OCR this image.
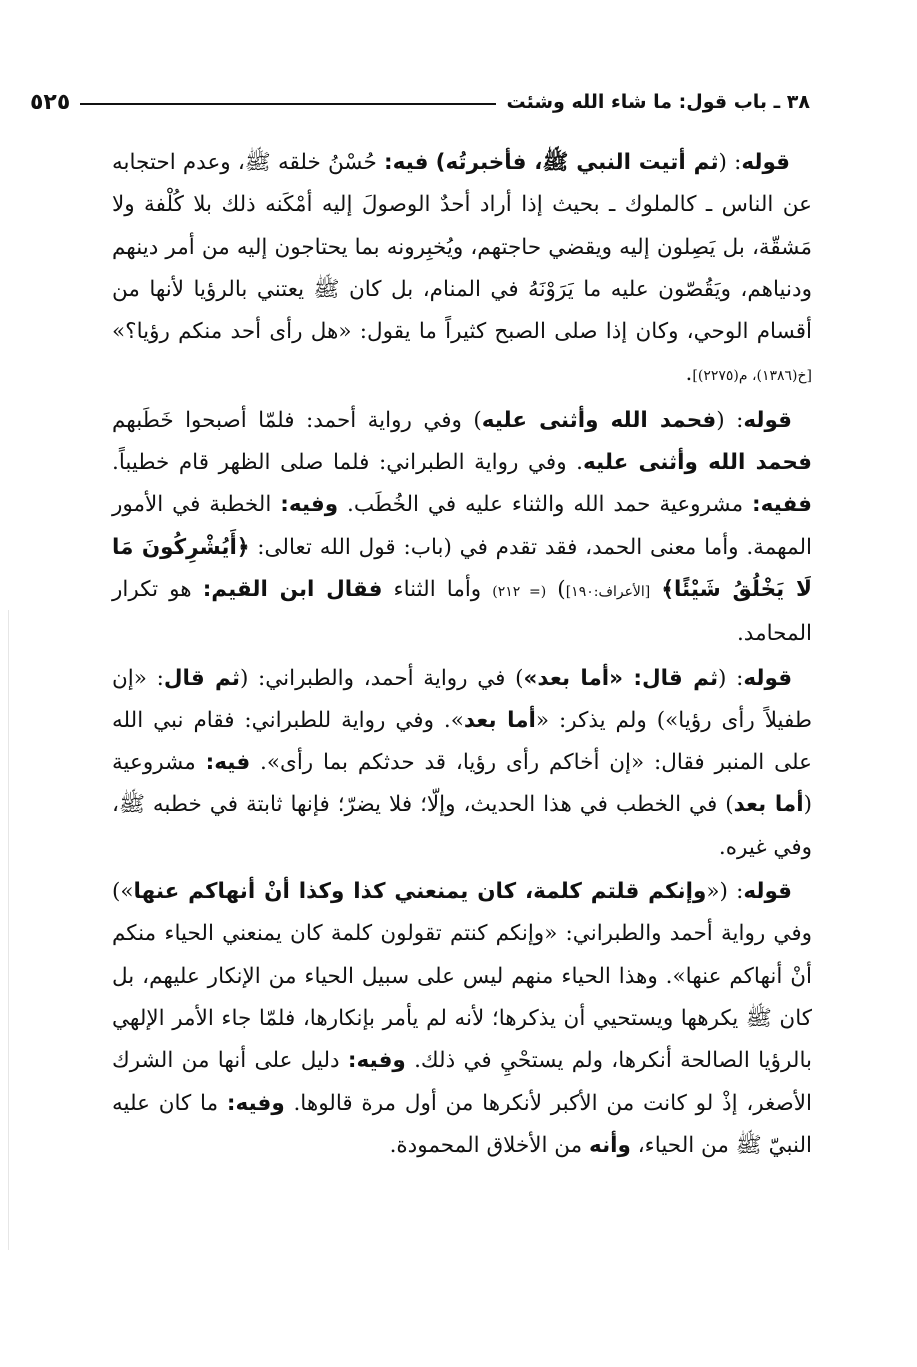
٣٨ ـ باب قول: ما شاء الله وشئت
٥٢٥

قوله: (ثم أتيت النبي ﷺ، فأخبرتُه) فيه: حُسْنُ خلقه ﷺ، وعدم احتجابه عن الناس ـ كالملوك ـ بحيث إذا أراد أحدٌ الوصولَ إليه أمْكَنه ذلك بلا كُلْفة ولا مَشقّة، بل يَصِلون إليه ويقضي حاجتهم، ويُخبِرونه بما يحتاجون إليه من أمر دينهم ودنياهم، ويَقُصّون عليه ما يَرَوْنَهُ في المنام، بل كان ﷺ يعتني بالرؤيا لأنها من أقسام الوحي، وكان إذا صلى الصبح كثيراً ما يقول: «هل رأى أحد منكم رؤيا؟» [خ(١٣٨٦)، م(٢٢٧٥)].

قوله: (فحمد الله وأثنى عليه) وفي رواية أحمد: فلمّا أصبحوا خَطَبهم فحمد الله وأثنى عليه. وفي رواية الطبراني: فلما صلى الظهر قام خطيباً. ففيه: مشروعية حمد الله والثناء عليه في الخُطَب. وفيه: الخطبة في الأمور المهمة. وأما معنى الحمد، فقد تقدم في (باب: قول الله تعالى: ﴿أَيُشْرِكُونَ مَا لَا يَخْلُقُ شَيْئًا﴾ [الأعراف:١٩٠]) (= ٢١٢) وأما الثناء فقال ابن القيم: هو تكرار المحامد.

قوله: (ثم قال: «أما بعد») في رواية أحمد، والطبراني: (ثم قال: «إن طفيلاً رأى رؤيا») ولم يذكر: «أما بعد». وفي رواية للطبراني: فقام نبي الله على المنبر فقال: «إن أخاكم رأى رؤيا، قد حدثكم بما رأى». فيه: مشروعية (أما بعد) في الخطب في هذا الحديث، وإلّا؛ فلا يضرّ؛ فإنها ثابتة في خطبه ﷺ، وفي غيره.

قوله: («وإنكم قلتم كلمة، كان يمنعني كذا وكذا أنْ أنهاكم عنها») وفي رواية أحمد والطبراني: «وإنكم كنتم تقولون كلمة كان يمنعني الحياء منكم أنْ أنهاكم عنها». وهذا الحياء منهم ليس على سبيل الحياء من الإنكار عليهم، بل كان ﷺ يكرهها ويستحيي أن يذكرها؛ لأنه لم يأمر بإنكارها، فلمّا جاء الأمر الإلهي بالرؤيا الصالحة أنكرها، ولم يستحْيِ في ذلك. وفيه: دليل على أنها من الشرك الأصغر، إذْ لو كانت من الأكبر لأنكرها من أول مرة قالوها. وفيه: ما كان عليه النبيّ ﷺ من الحياء، وأنه من الأخلاق المحمودة.
